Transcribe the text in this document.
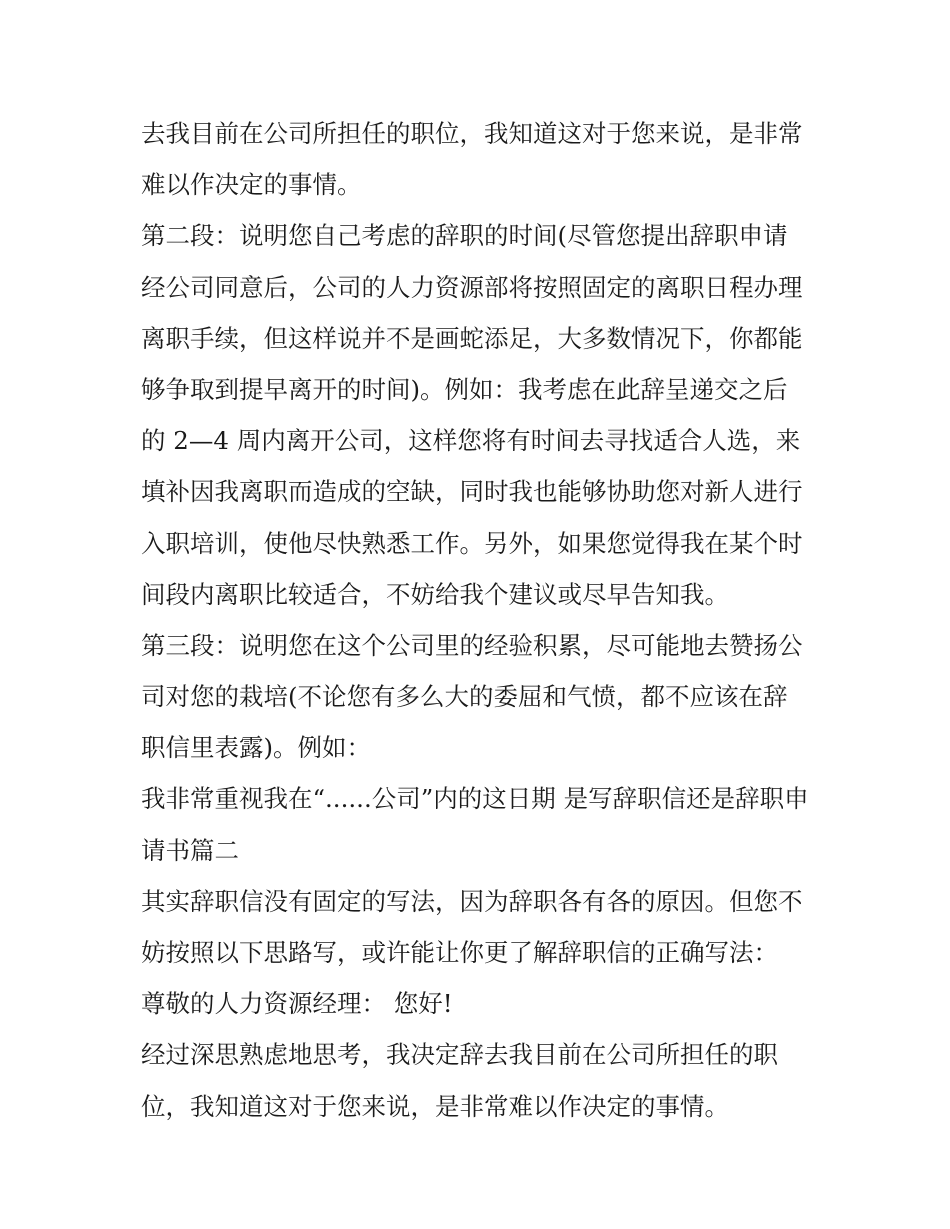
去我目前在公司所担任的职位，我知道这对于您来说，是非常
难以作决定的事情。
第二段：说明您自己考虑的辞职的时间(尽管您提出辞职申请
经公司同意后，公司的人力资源部将按照固定的离职日程办理
离职手续，但这样说并不是画蛇添足，大多数情况下，你都能
够争取到提早离开的时间)。例如：我考虑在此辞呈递交之后
的 2—4 周内离开公司，这样您将有时间去寻找适合人选，来
填补因我离职而造成的空缺，同时我也能够协助您对新人进行
入职培训，使他尽快熟悉工作。另外，如果您觉得我在某个时
间段内离职比较适合，不妨给我个建议或尽早告知我。
第三段：说明您在这个公司里的经验积累，尽可能地去赞扬公
司对您的栽培(不论您有多么大的委屈和气愤，都不应该在辞
职信里表露)。例如：
我非常重视我在“......公司”内的这日期 是写辞职信还是辞职申
请书篇二
其实辞职信没有固定的写法，因为辞职各有各的原因。但您不
妨按照以下思路写，或许能让你更了解辞职信的正确写法：
尊敬的人力资源经理： 您好!
经过深思熟虑地思考，我决定辞去我目前在公司所担任的职
位，我知道这对于您来说，是非常难以作决定的事情。
